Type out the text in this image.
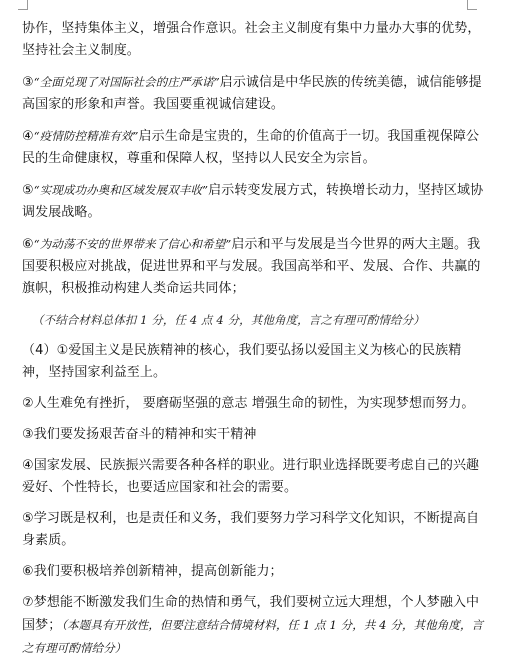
协作，坚持集体主义，增强合作意识。社会主义制度有集中力量办大事的优势，坚持社会主义制度。

③“全面兑现了对国际社会的庄严承诺”启示诚信是中华民族的传统美德，诚信能够提高国家的形象和声誉。我国要重视诚信建设。

④“疫情防控精准有效”启示生命是宝贵的，生命的价值高于一切。我国重视保障公民的生命健康权，尊重和保障人权，坚持以人民安全为宗旨。

⑤“实现成功办奥和区域发展双丰收”启示转变发展方式，转换增长动力，坚持区域协调发展战略。

⑥“为动荡不安的世界带来了信心和希望”启示和平与发展是当今世界的两大主题。我国要积极应对挑战，促进世界和平与发展。我国高举和平、发展、合作、共赢的旗帜，积极推动构建人类命运共同体；

（不结合材料总体扣 1 分，任 4 点 4 分，其他角度，言之有理可酌情给分）

（4）①爱国主义是民族精神的核心，我们要弘扬以爱国主义为核心的民族精神，坚持国家利益至上。

②人生难免有挫折， 要磨砺坚强的意志 增强生命的韧性，为实现梦想而努力。

③我们要发扬艰苦奋斗的精神和实干精神

④国家发展、民族振兴需要各种各样的职业。进行职业选择既要考虑自己的兴趣爱好、个性特长，也要适应国家和社会的需要。

⑤学习既是权利，也是责任和义务，我们要努力学习科学文化知识，不断提高自身素质。

⑥我们要积极培养创新精神，提高创新能力；

⑦梦想能不断激发我们生命的热情和勇气，我们要树立远大理想，个人梦融入中国梦；（本题具有开放性，但要注意结合情境材料，任 1 点 1 分，共 4 分，其他角度，言之有理可酌情给分）
